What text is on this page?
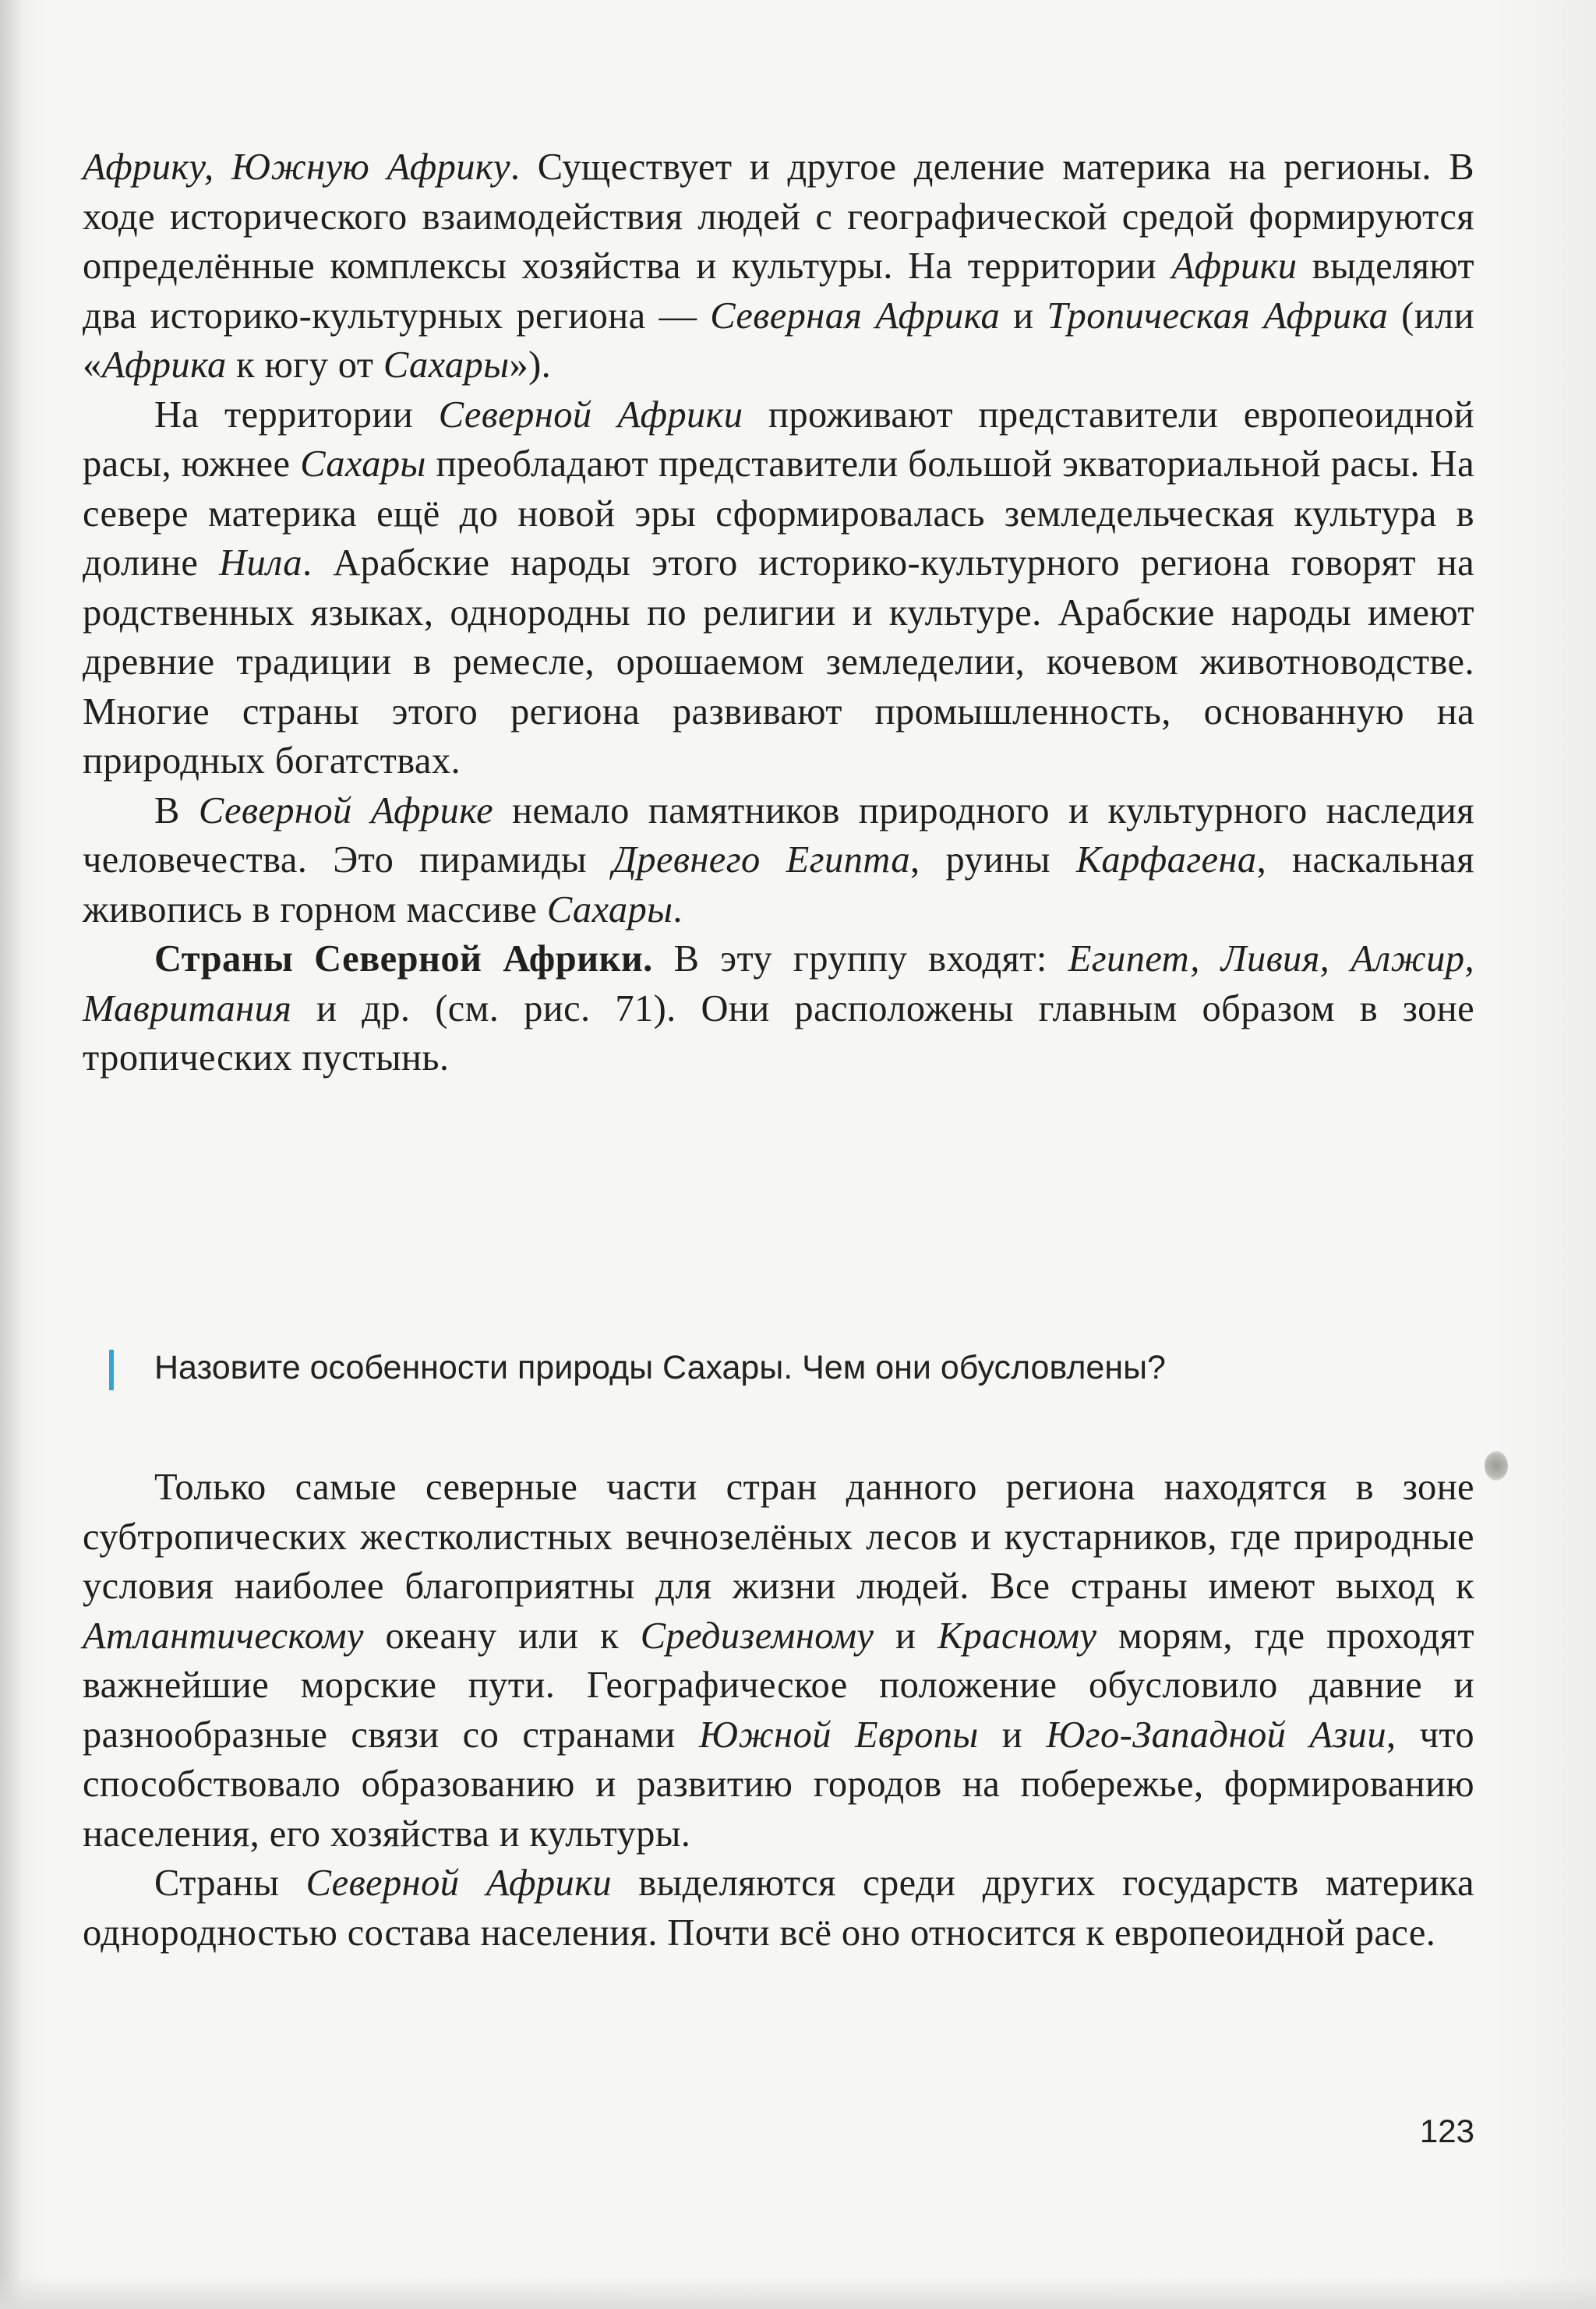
Африку, Южную Африку. Существует и другое деление материка на регионы. В ходе исторического взаимодействия людей с географической средой формируются определённые комплексы хозяйства и культуры. На территории Африки выделяют два историко-культурных региона — Северная Африка и Тропическая Африка (или «Африка к югу от Сахары»).

На территории Северной Африки проживают представители европеоидной расы, южнее Сахары преобладают представители большой экваториальной расы. На севере материка ещё до новой эры сформировалась земледельческая культура в долине Нила. Арабские народы этого историко-культурного региона говорят на родственных языках, однородны по религии и культуре. Арабские народы имеют древние традиции в ремесле, орошаемом земледелии, кочевом животноводстве. Многие страны этого региона развивают промышленность, основанную на природных богатствах.

В Северной Африке немало памятников природного и культурного наследия человечества. Это пирамиды Древнего Египта, руины Карфагена, наскальная живопись в горном массиве Сахары.

Страны Северной Африки. В эту группу входят: Египет, Ливия, Алжир, Мавритания и др. (см. рис. 71). Они расположены главным образом в зоне тропических пустынь.

Назовите особенности природы Сахары. Чем они обусловлены?

Только самые северные части стран данного региона находятся в зоне субтропических жестколистных вечнозелёных лесов и кустарников, где природные условия наиболее благоприятны для жизни людей. Все страны имеют выход к Атлантическому океану или к Средиземному и Красному морям, где проходят важнейшие морские пути. Географическое положение обусловило давние и разнообразные связи со странами Южной Европы и Юго-Западной Азии, что способствовало образованию и развитию городов на побережье, формированию населения, его хозяйства и культуры.

Страны Северной Африки выделяются среди других государств материка однородностью состава населения. Почти всё оно относится к европеоидной расе.

123
